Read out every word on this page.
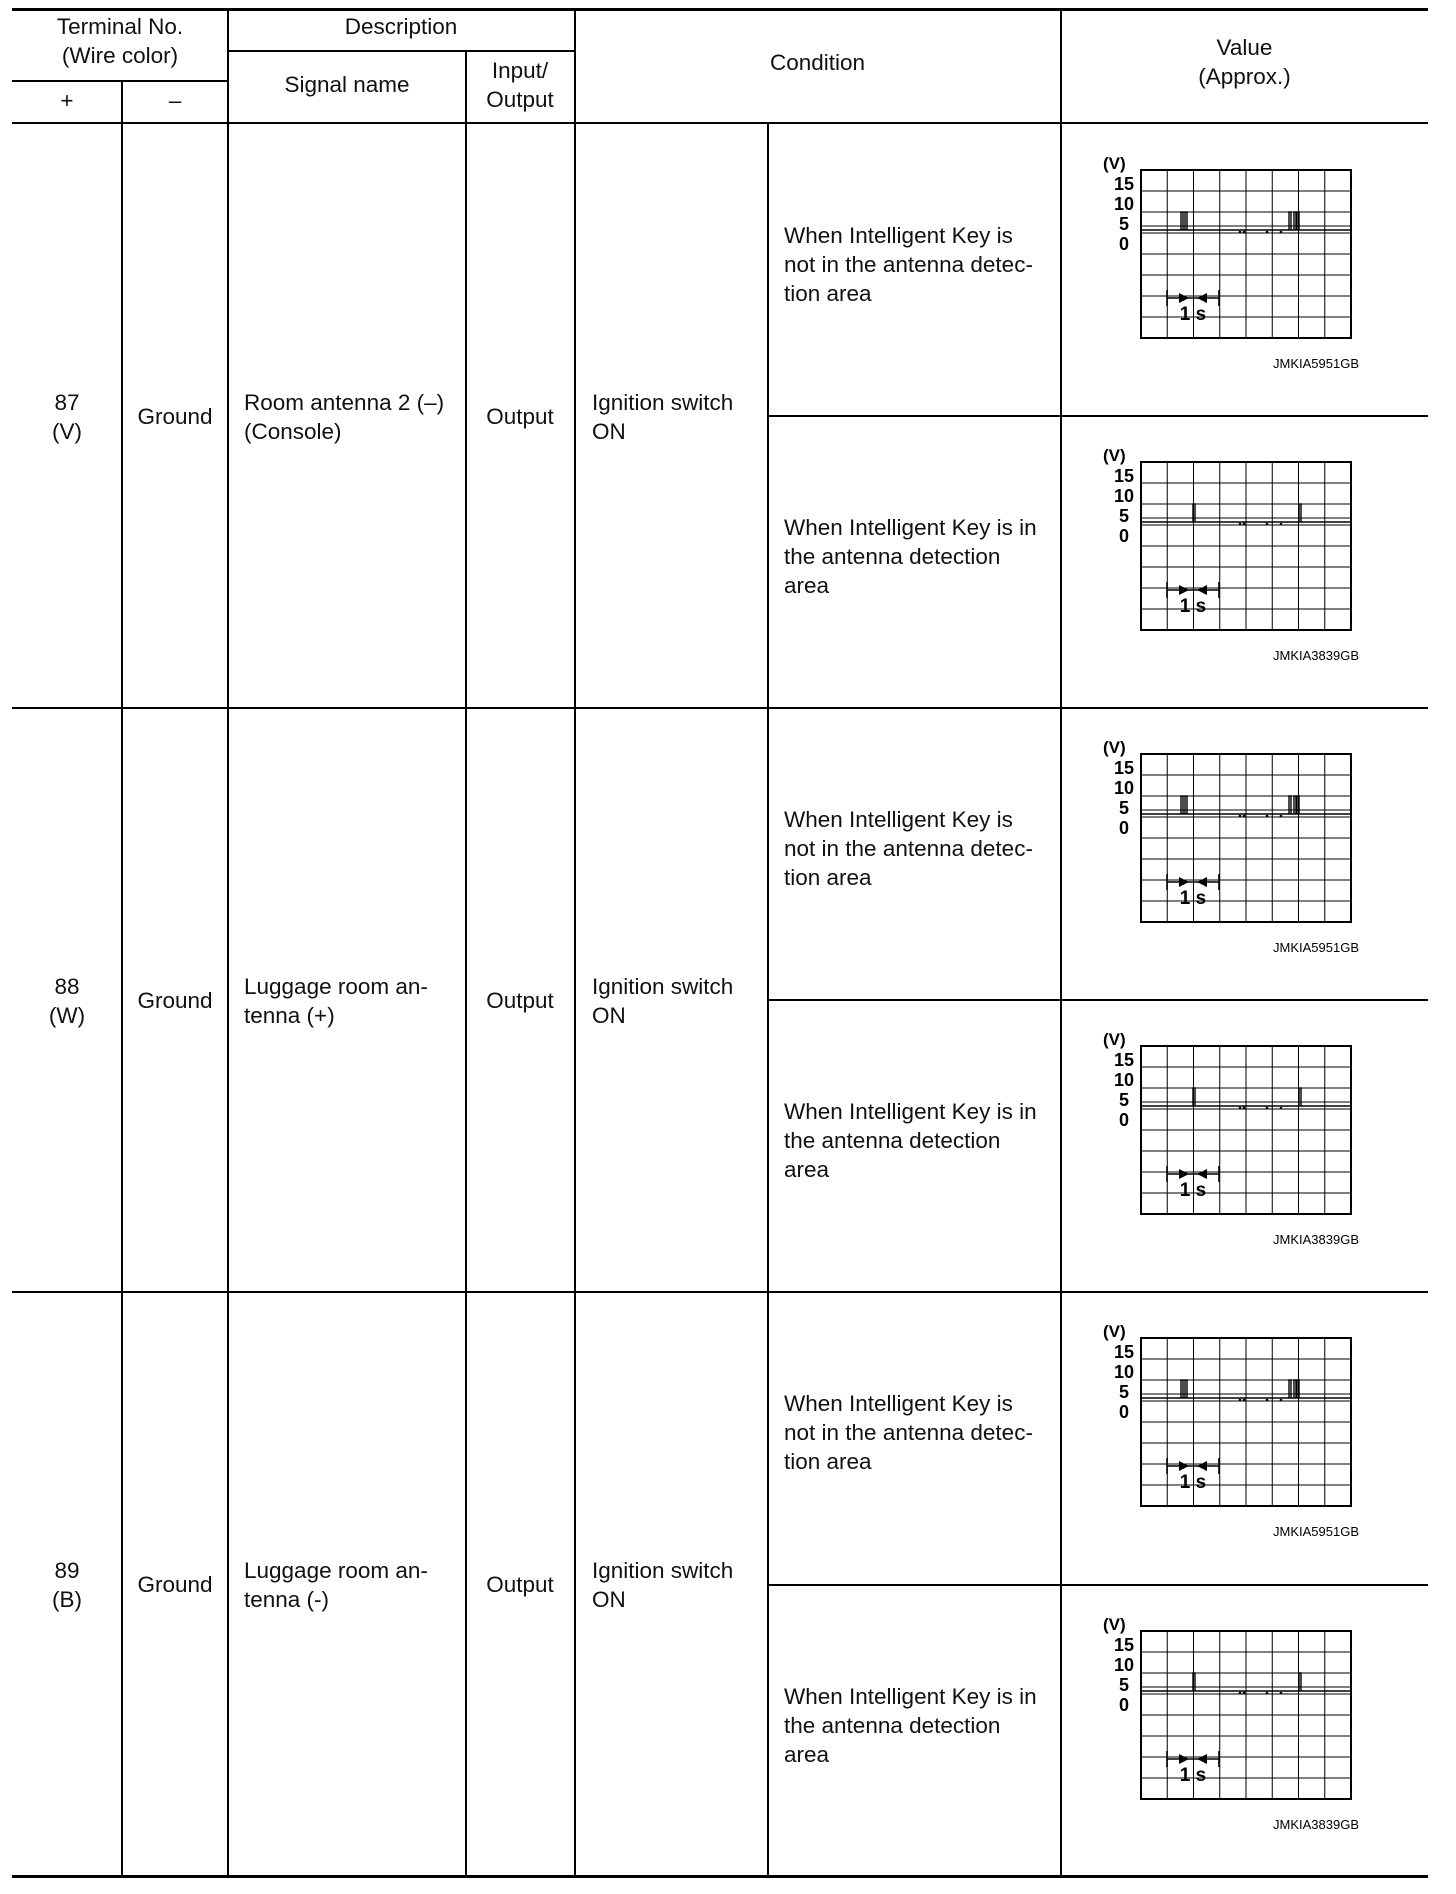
Terminal No.
(Wire color)
+	–
Description
Signal name
Input/
Output
Condition
Value
(Approx.)
87
(V)
Ground
Room antenna 2 (–)
(Console)
Output
Ignition switch
ON
When Intelligent Key is
not in the antenna detec-
tion area
(V)
15
10
5
0
1 s
JMKIA5951GB
When Intelligent Key is in
the antenna detection
area
(V)
15
10
5
0
1 s
JMKIA3839GB
88
(W)
Ground
Luggage room an-
tenna (+)
Output
Ignition switch
ON
When Intelligent Key is
not in the antenna detec-
tion area
(V)
15
10
5
0
1 s
JMKIA5951GB
When Intelligent Key is in
the antenna detection
area
(V)
15
10
5
0
1 s
JMKIA3839GB
89
(B)
Ground
Luggage room an-
tenna (-)
Output
Ignition switch
ON
When Intelligent Key is
not in the antenna detec-
tion area
(V)
15
10
5
0
1 s
JMKIA5951GB
When Intelligent Key is in
the antenna detection
area
(V)
15
10
5
0
1 s
JMKIA3839GB
